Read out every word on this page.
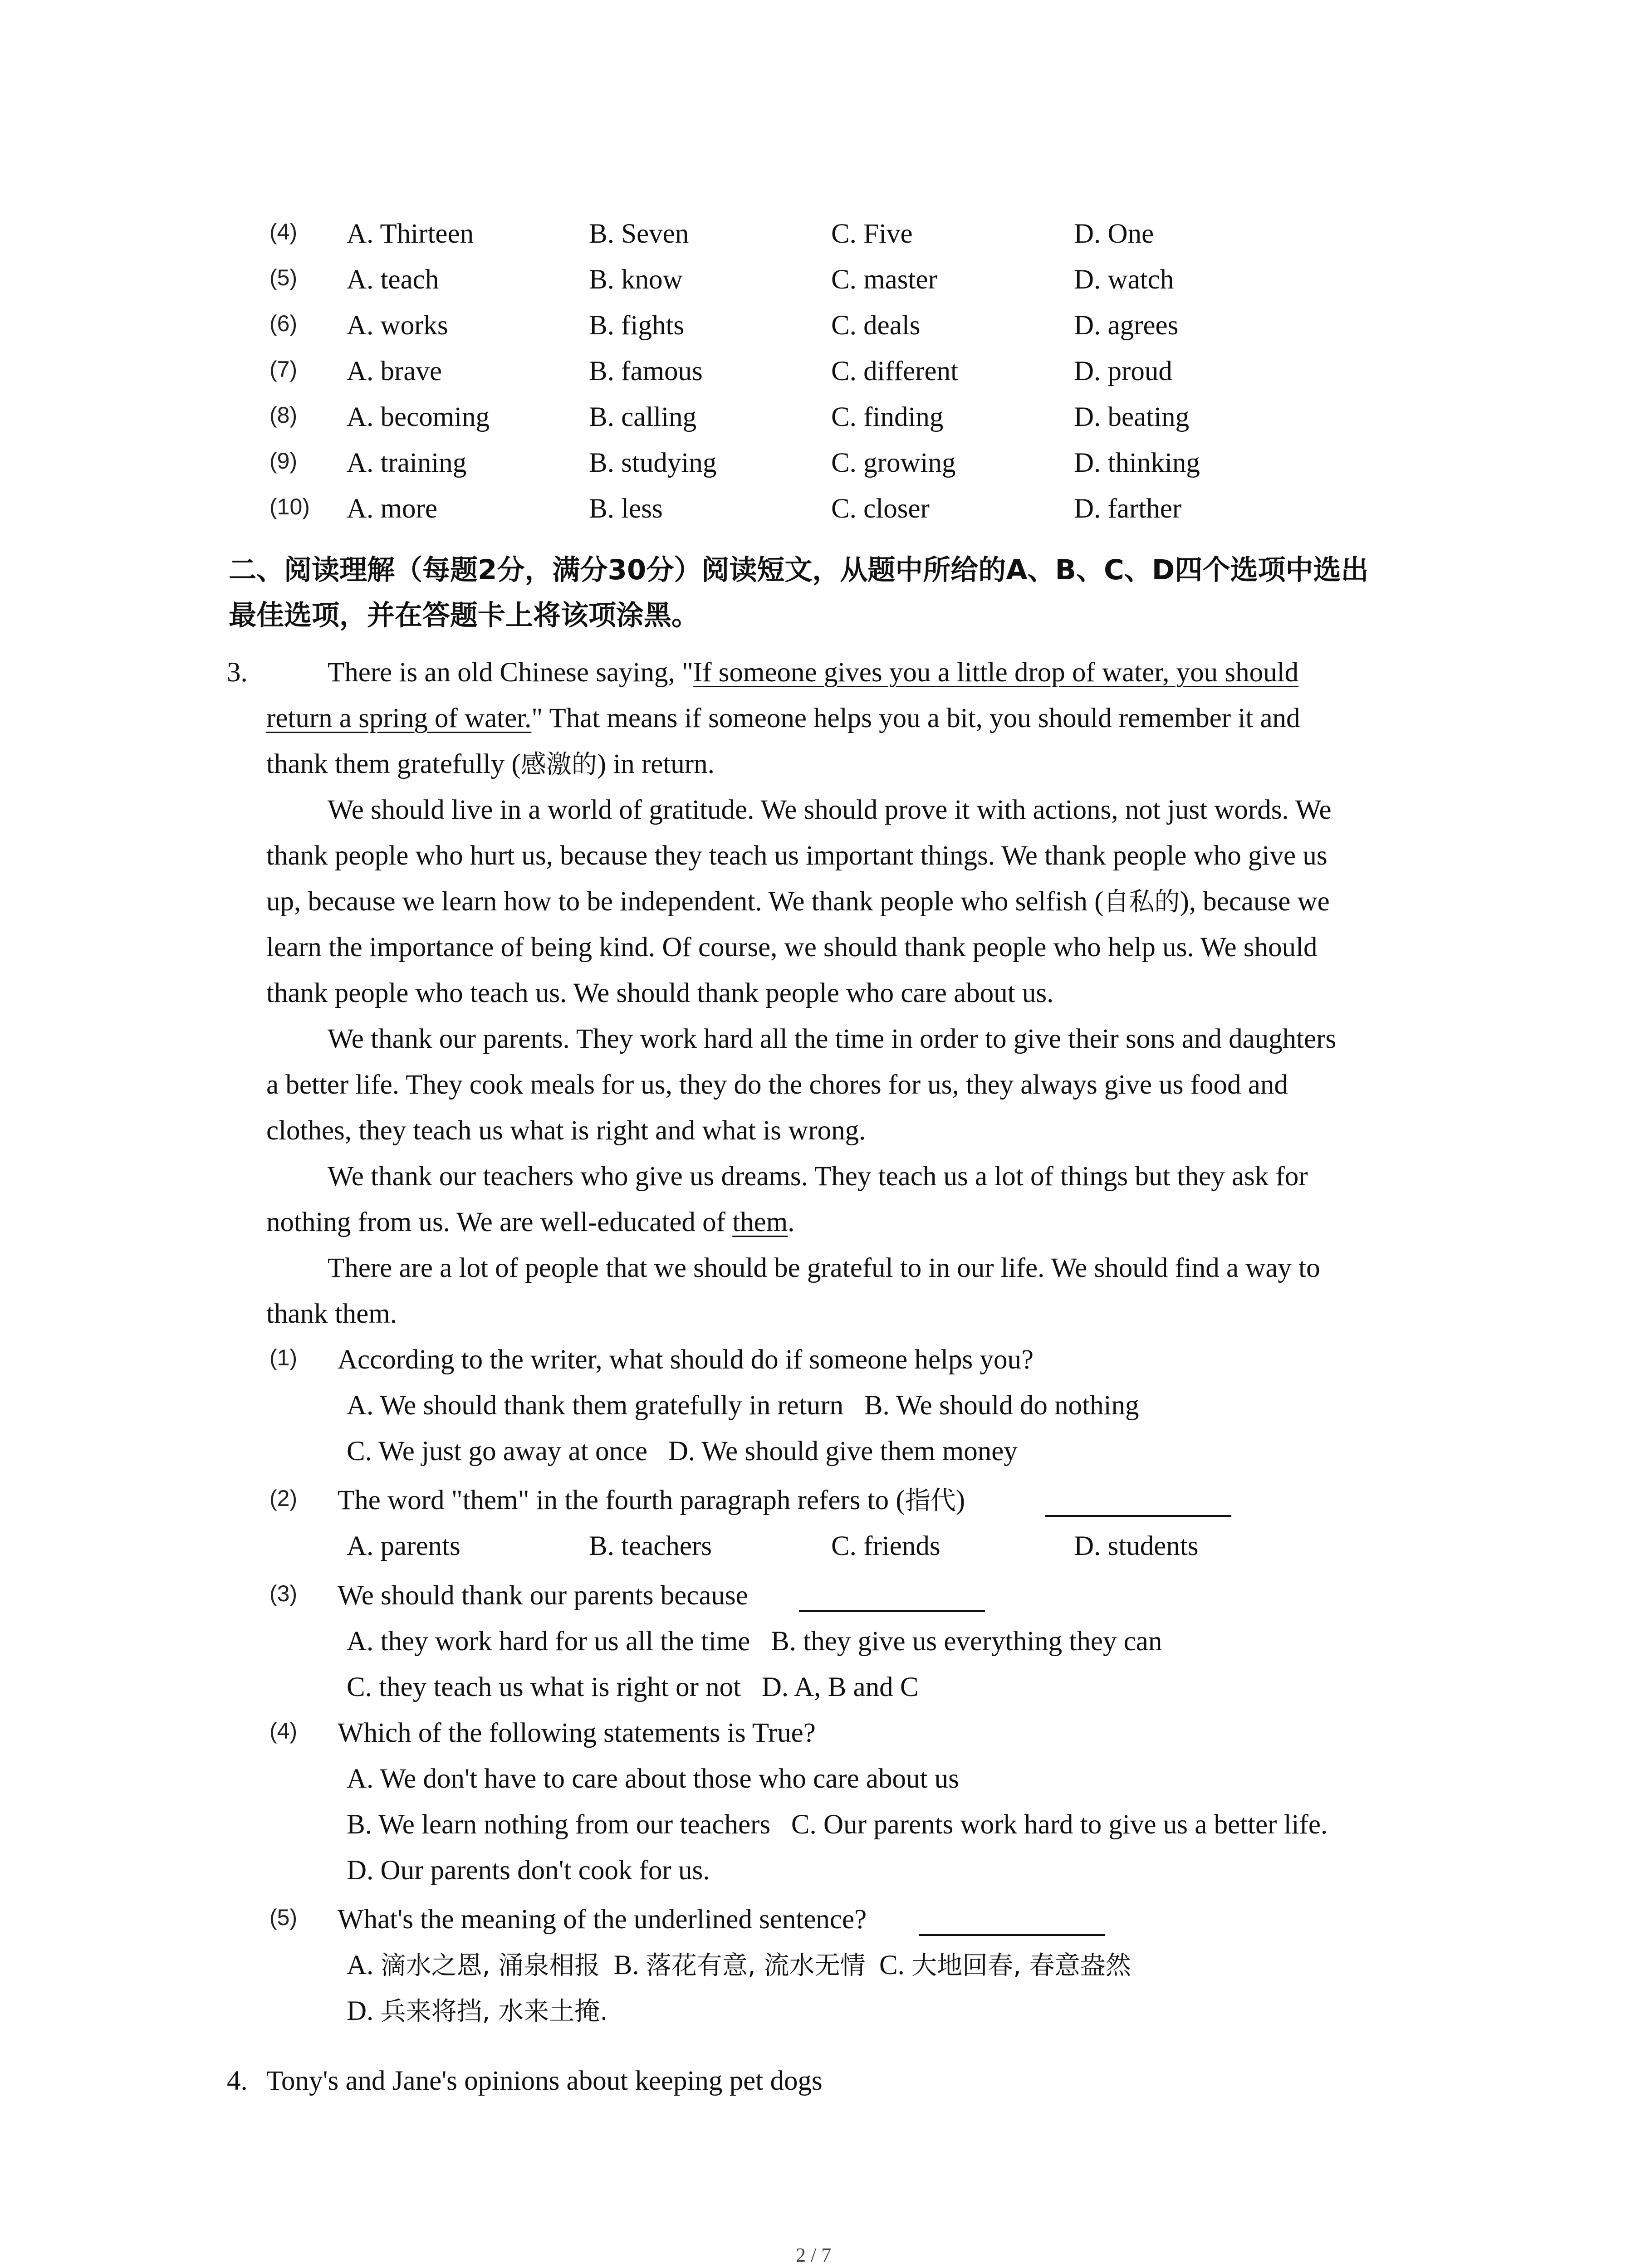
(4) A. Thirteen	B. Seven	C. Five	D. One
(5) A. teach	B. know	C. master	D. watch
(6) A. works	B. fights	C. deals	D. agrees
(7) A. brave	B. famous	C. different	D. proud
(8) A. becoming	B. calling	C. finding	D. beating
(9) A. training	B. studying	C. growing	D. thinking
(10) A. more	B. less	C. closer	D. farther
二、阅读理解（每题2分，满分30分）阅读短文，从题中所给的A、B、C、D四个选项中选出
最佳选项，并在答题卡上将该项涂黑。
3.	There is an old Chinese saying, "If someone gives you a little drop of water, you should
return a spring of water." That means if someone helps you a bit, you should remember it and
thank them gratefully (感激的) in return.
We should live in a world of gratitude. We should prove it with actions, not just words. We
thank people who hurt us, because they teach us important things. We thank people who give us
up, because we learn how to be independent. We thank people who selfish (自私的), because we
learn the importance of being kind. Of course, we should thank people who help us. We should
thank people who teach us. We should thank people who care about us.
We thank our parents. They work hard all the time in order to give their sons and daughters
a better life. They cook meals for us, they do the chores for us, they always give us food and
clothes, they teach us what is right and what is wrong.
We thank our teachers who give us dreams. They teach us a lot of things but they ask for
nothing from us. We are well-educated of them.
There are a lot of people that we should be grateful to in our life. We should find a way to
thank them.
(1) According to the writer, what should do if someone helps you?
A. We should thank them gratefully in return   B. We should do nothing
C. We just go away at once   D. We should give them money
(2) The word "them" in the fourth paragraph refers to (指代)
A. parents	B. teachers	C. friends	D. students
(3) We should thank our parents because
A. they work hard for us all the time   B. they give us everything they can
C. they teach us what is right or not   D. A, B and C
(4) Which of the following statements is True?
A. We don't have to care about those who care about us
B. We learn nothing from our teachers   C. Our parents work hard to give us a better life.
D. Our parents don't cook for us.
(5) What's the meaning of the underlined sentence?
A. 滴水之恩, 涌泉相报  B. 落花有意, 流水无情  C. 大地回春, 春意盎然
D. 兵来将挡, 水来土掩.
4. Tony's and Jane's opinions about keeping pet dogs
2 / 7
